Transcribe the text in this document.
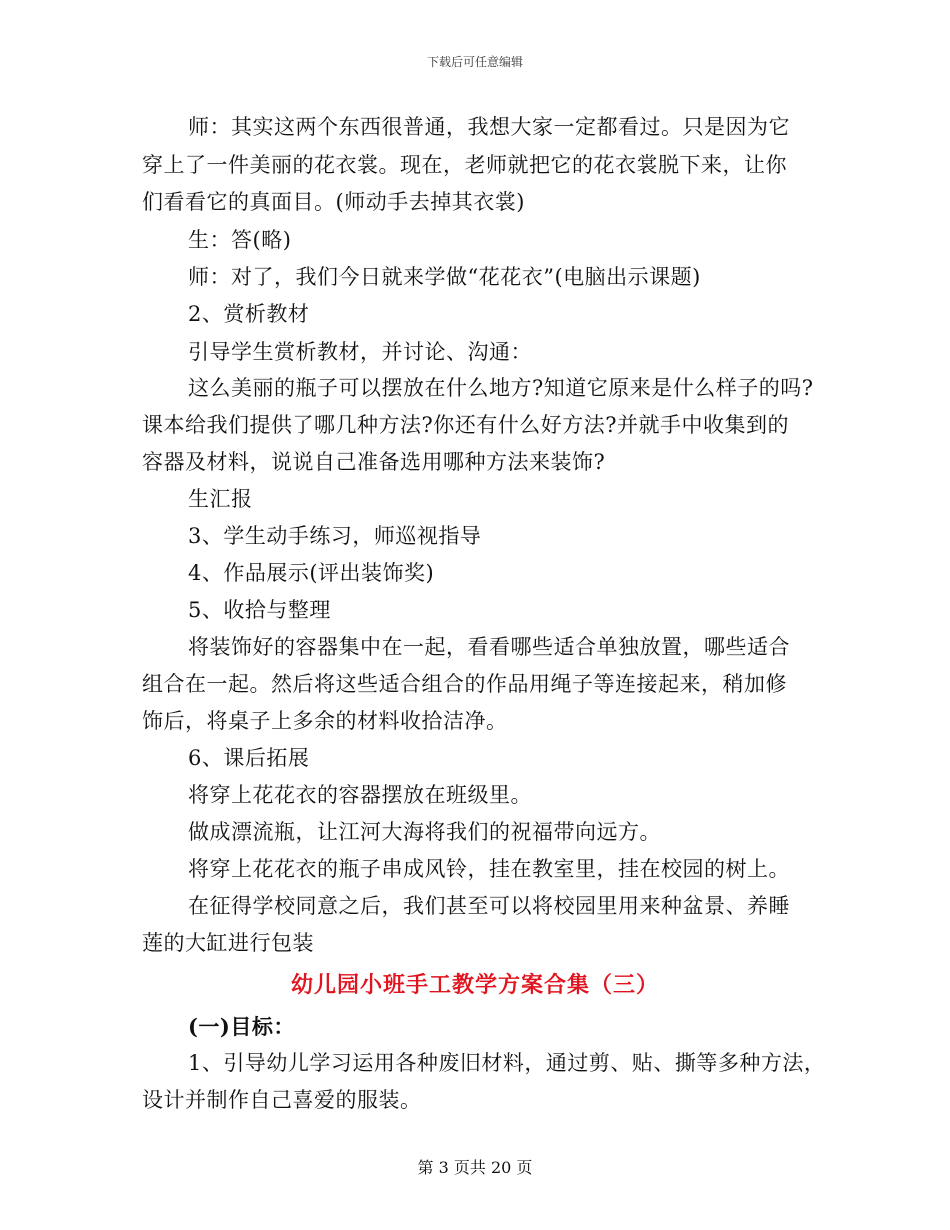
下载后可任意编辑
师：其实这两个东西很普通，我想大家一定都看过。只是因为它
穿上了一件美丽的花衣裳。现在，老师就把它的花衣裳脱下来，让你
们看看它的真面目。(师动手去掉其衣裳)
生：答(略)
师：对了，我们今日就来学做“花花衣”(电脑出示课题)
2、赏析教材
引导学生赏析教材，并讨论、沟通：
这么美丽的瓶子可以摆放在什么地方?知道它原来是什么样子的吗?
课本给我们提供了哪几种方法?你还有什么好方法?并就手中收集到的
容器及材料，说说自己准备选用哪种方法来装饰?
生汇报
3、学生动手练习，师巡视指导
4、作品展示(评出装饰奖)
5、收拾与整理
将装饰好的容器集中在一起，看看哪些适合单独放置，哪些适合
组合在一起。然后将这些适合组合的作品用绳子等连接起来，稍加修
饰后，将桌子上多余的材料收拾洁净。
6、课后拓展
将穿上花花衣的容器摆放在班级里。
做成漂流瓶，让江河大海将我们的祝福带向远方。
将穿上花花衣的瓶子串成风铃，挂在教室里，挂在校园的树上。
在征得学校同意之后，我们甚至可以将校园里用来种盆景、养睡
莲的大缸进行包装
幼儿园小班手工教学方案合集（三）
(一)目标：
1、引导幼儿学习运用各种废旧材料，通过剪、贴、撕等多种方法，
设计并制作自己喜爱的服装。
第 3 页共 20 页
